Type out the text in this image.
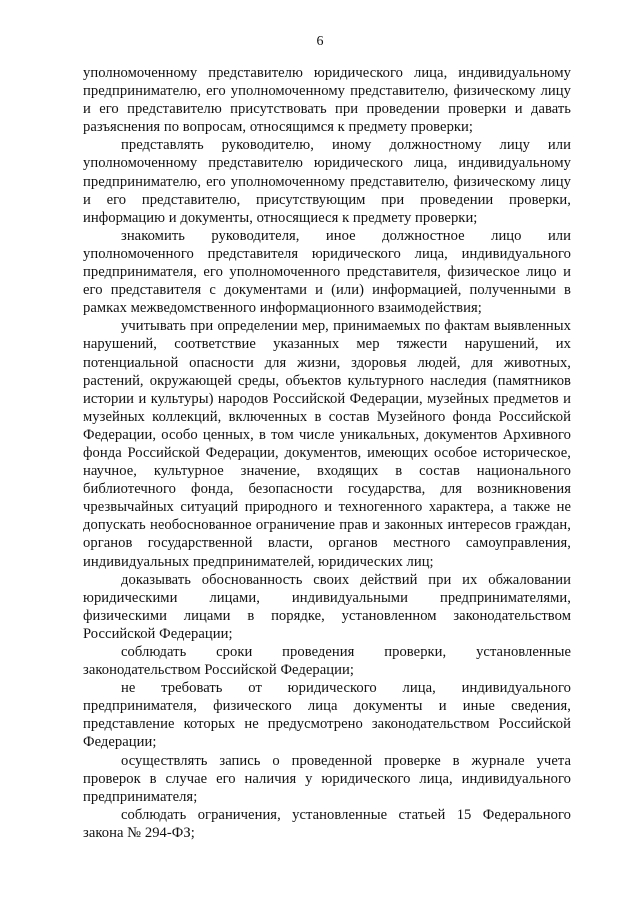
6

уполномоченному представителю юридического лица, индивидуальному предпринимателю, его уполномоченному представителю, физическому лицу и его представителю присутствовать при проведении проверки и давать разъяснения по вопросам, относящимся к предмету проверки;

представлять руководителю, иному должностному лицу или уполномоченному представителю юридического лица, индивидуальному предпринимателю, его уполномоченному представителю, физическому лицу и его представителю, присутствующим при проведении проверки, информацию и документы, относящиеся к предмету проверки;

знакомить руководителя, иное должностное лицо или уполномоченного представителя юридического лица, индивидуального предпринимателя, его уполномоченного представителя, физическое лицо и его представителя с документами и (или) информацией, полученными в рамках межведомственного информационного взаимодействия;

учитывать при определении мер, принимаемых по фактам выявленных нарушений, соответствие указанных мер тяжести нарушений, их потенциальной опасности для жизни, здоровья людей, для животных, растений, окружающей среды, объектов культурного наследия (памятников истории и культуры) народов Российской Федерации, музейных предметов и музейных коллекций, включенных в состав Музейного фонда Российской Федерации, особо ценных, в том числе уникальных, документов Архивного фонда Российской Федерации, документов, имеющих особое историческое, научное, культурное значение, входящих в состав национального библиотечного фонда, безопасности государства, для возникновения чрезвычайных ситуаций природного и техногенного характера, а также не допускать необоснованное ограничение прав и законных интересов граждан, органов государственной власти, органов местного самоуправления, индивидуальных предпринимателей, юридических лиц;

доказывать обоснованность своих действий при их обжаловании юридическими лицами, индивидуальными предпринимателями, физическими лицами в порядке, установленном законодательством Российской Федерации;

соблюдать сроки проведения проверки, установленные законодательством Российской Федерации;

не требовать от юридического лица, индивидуального предпринимателя, физического лица документы и иные сведения, представление которых не предусмотрено законодательством Российской Федерации;

осуществлять запись о проведенной проверке в журнале учета проверок в случае его наличия у юридического лица, индивидуального предпринимателя;

соблюдать ограничения, установленные статьей 15 Федерального закона № 294-ФЗ;
